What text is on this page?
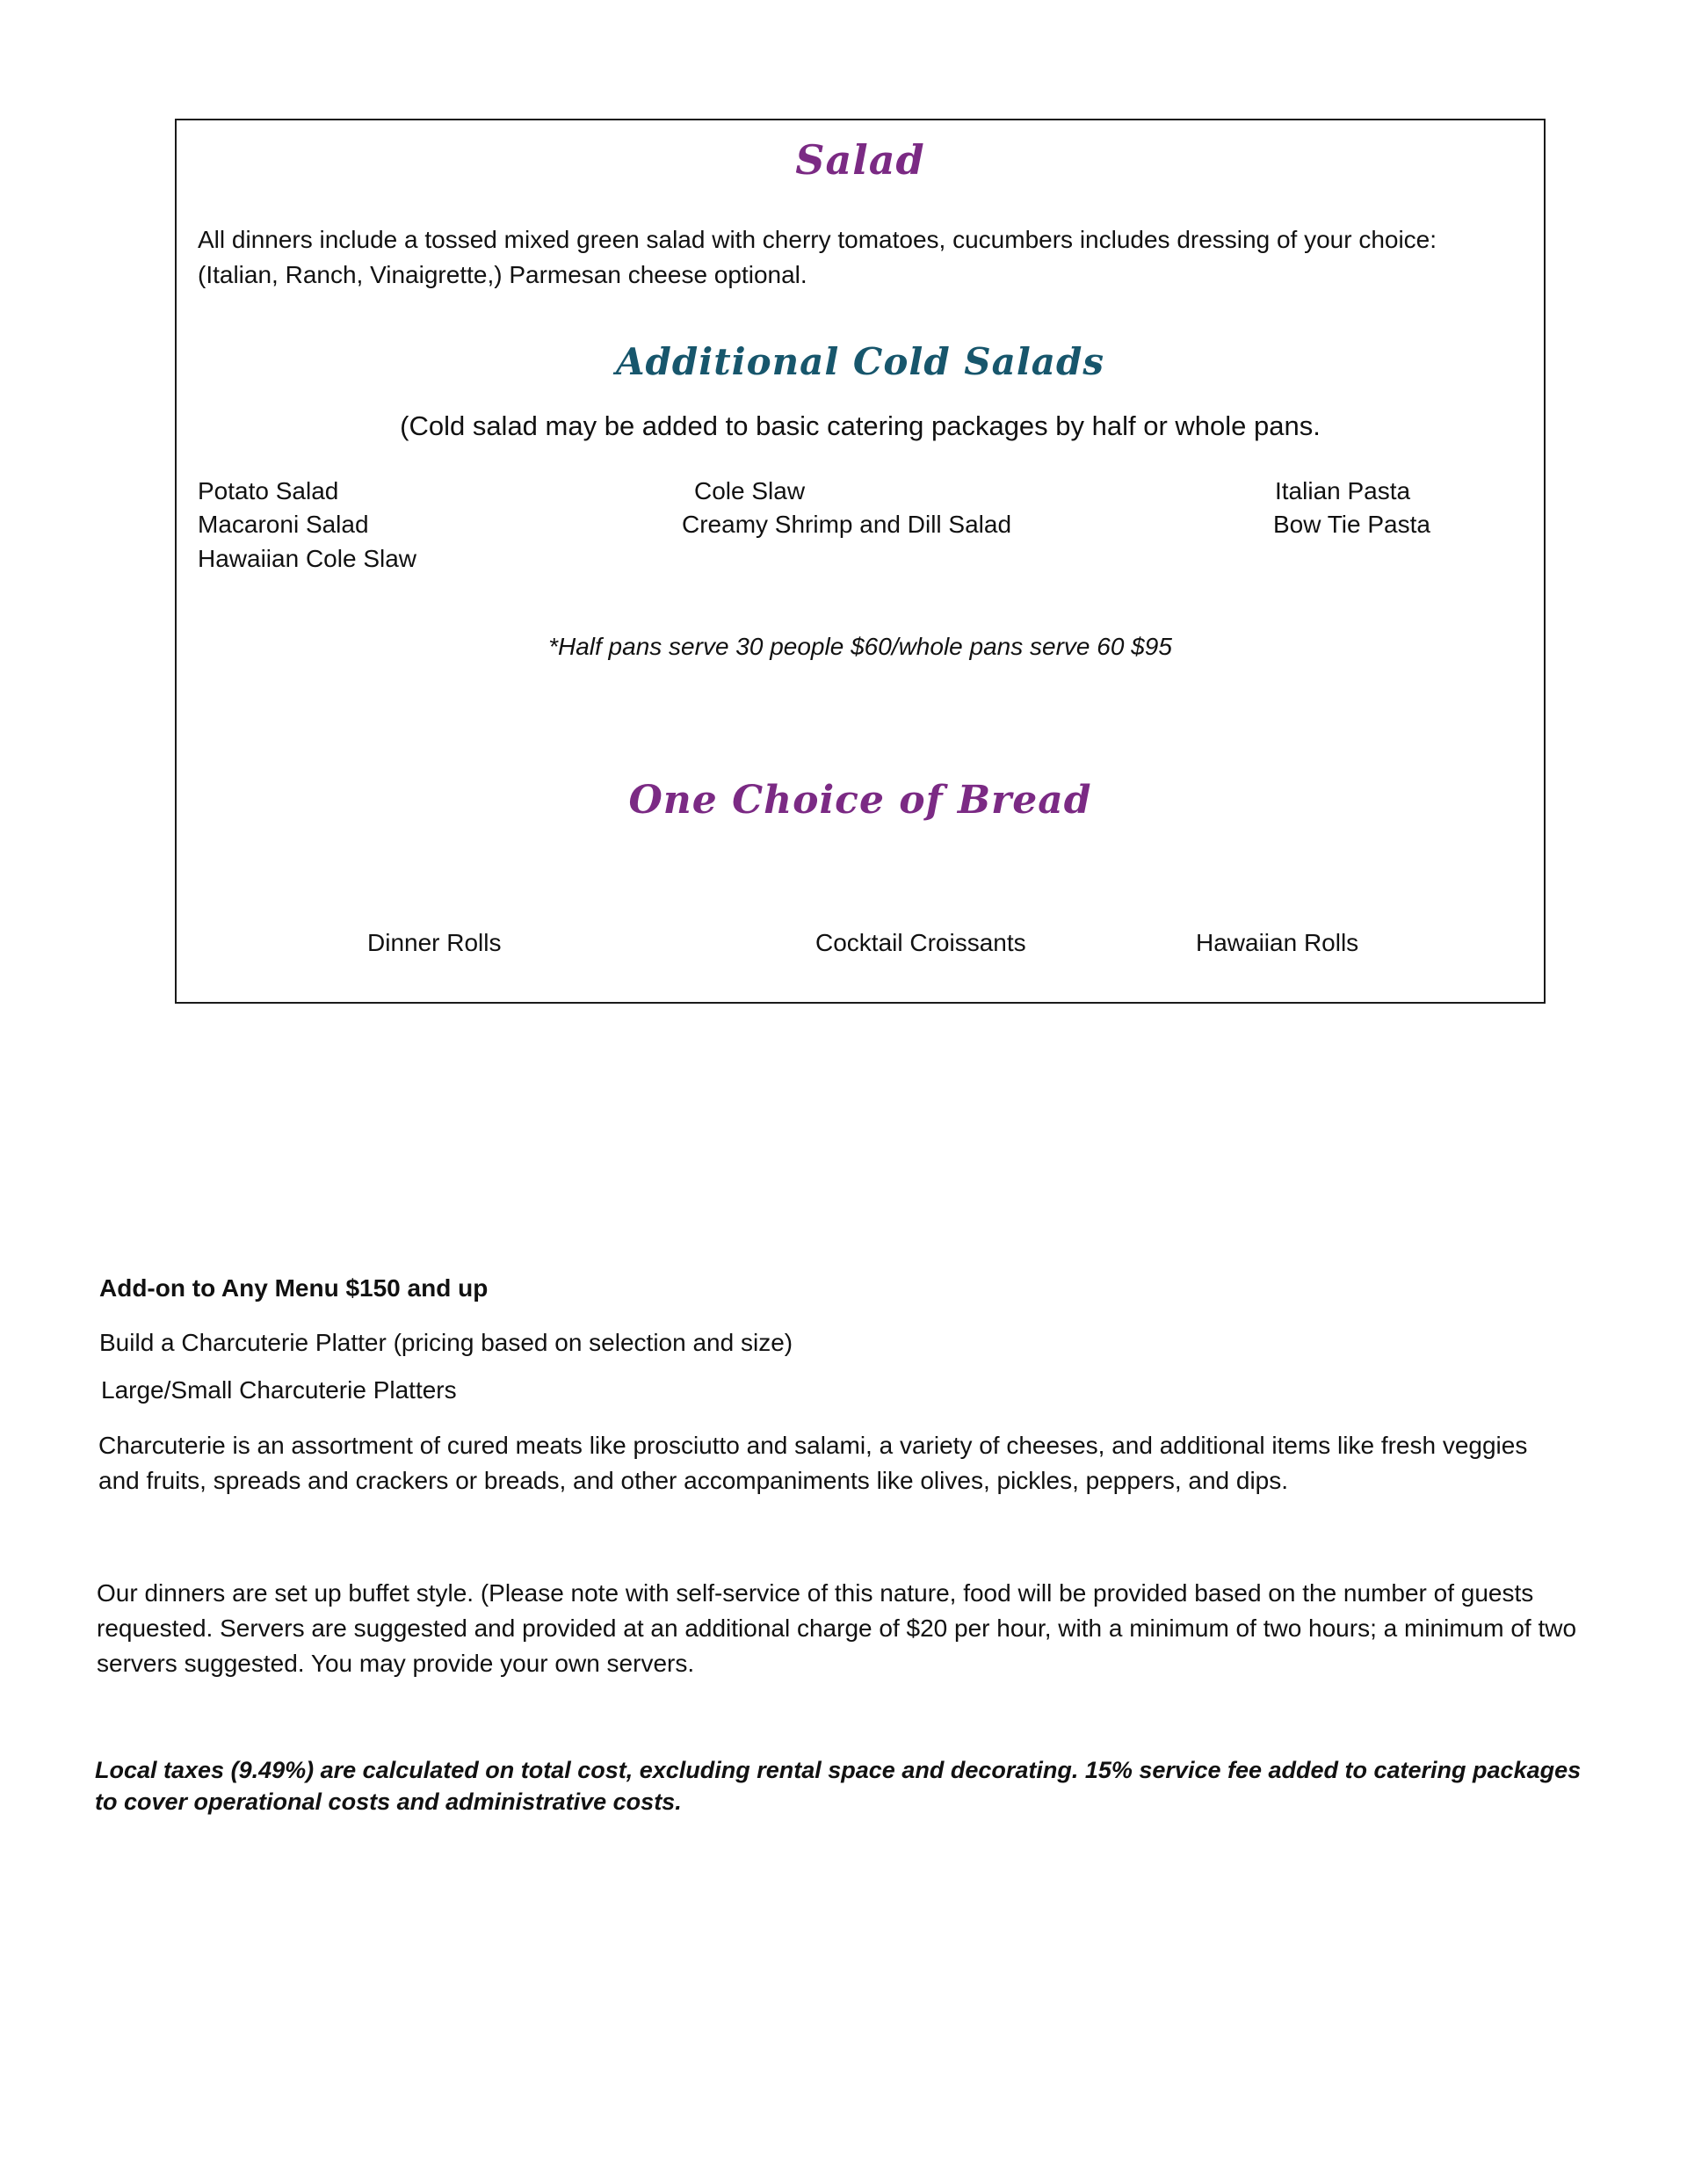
Salad

All dinners include a tossed mixed green salad with cherry tomatoes, cucumbers includes dressing of your choice: (Italian, Ranch, Vinaigrette,) Parmesan cheese optional.

Additional Cold Salads

(Cold salad may be added to basic catering packages by half or whole pans.

Potato Salad
Macaroni Salad
Hawaiian Cole Slaw
Cole Slaw
Creamy Shrimp and Dill Salad
Italian Pasta
Bow Tie Pasta

*Half pans serve 30 people $60/whole pans serve 60 $95

One Choice of Bread
Dinner Rolls	Cocktail Croissants	Hawaiian Rolls

Add-on to Any Menu $150 and up

Build a Charcuterie Platter (pricing based on selection and size)

Large/Small Charcuterie Platters

Charcuterie is an assortment of cured meats like prosciutto and salami, a variety of cheeses, and additional items like fresh veggies and fruits, spreads and crackers or breads, and other accompaniments like olives, pickles, peppers, and dips.

Our dinners are set up buffet style. (Please note with self-service of this nature, food will be provided based on the number of guests requested. Servers are suggested and provided at an additional charge of $20 per hour, with a minimum of two hours; a minimum of two servers suggested. You may provide your own servers.

Local taxes (9.49%) are calculated on total cost, excluding rental space and decorating. 15% service fee added to catering packages to cover operational costs and administrative costs.
